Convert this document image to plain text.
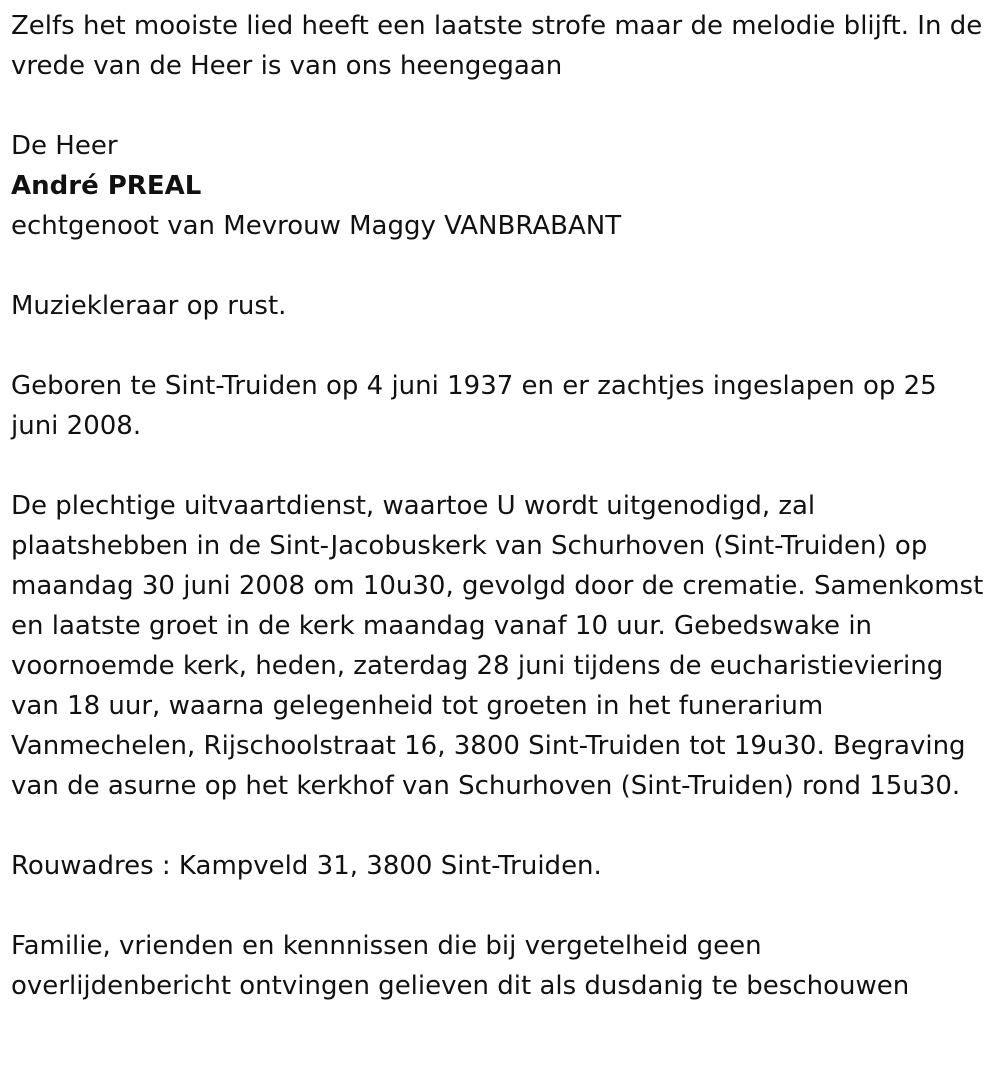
Zelfs het mooiste lied heeft een laatste strofe maar de melodie blijft. In de vrede van de Heer is van ons heengegaan

De Heer

André PREAL

echtgenoot van Mevrouw Maggy VANBRABANT

Muziekleraar op rust.

Geboren te Sint-Truiden op 4 juni 1937 en er zachtjes ingeslapen op 25 juni 2008.

De plechtige uitvaartdienst, waartoe U wordt uitgenodigd, zal plaatshebben in de Sint-Jacobuskerk van Schurhoven (Sint-Truiden) op maandag 30 juni 2008 om 10u30, gevolgd door de crematie. Samenkomst en laatste groet in de kerk maandag vanaf 10 uur. Gebedswake in voornoemde kerk, heden, zaterdag 28 juni tijdens de eucharistieviering van 18 uur, waarna gelegenheid tot groeten in het funerarium Vanmechelen, Rijschoolstraat 16, 3800 Sint-Truiden tot 19u30. Begraving van de asurne op het kerkhof van Schurhoven (Sint-Truiden) rond 15u30.

Rouwadres : Kampveld 31, 3800 Sint-Truiden.

Familie, vrienden en kennnissen die bij vergetelheid geen overlijdenbericht ontvingen gelieven dit als dusdanig te beschouwen
